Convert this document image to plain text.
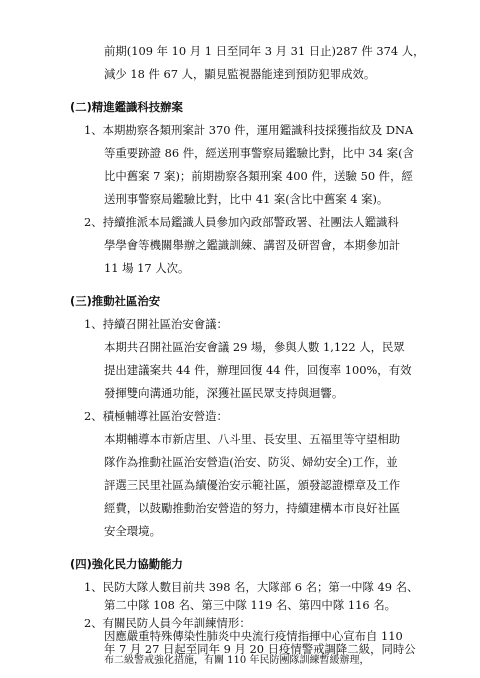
前期(109 年 10 月 1 日至同年 3 月 31 日止)287 件 374 人，
減少 18 件 67 人，顯見監視器能達到預防犯罪成效。
(二)精進鑑識科技辦案
1、本期勘察各類刑案計 370 件，運用鑑識科技採獲指紋及 DNA
等重要跡證 86 件，經送刑事警察局鑑驗比對，比中 34 案(含
比中舊案 7 案)；前期勘察各類刑案 400 件，送驗 50 件，經
送刑事警察局鑑驗比對，比中 41 案(含比中舊案 4 案)。
2、持續推派本局鑑識人員參加內政部警政署、社團法人鑑識科
學學會等機關舉辦之鑑識訓練、講習及研習會，本期參加計
11 場 17 人次。
(三)推動社區治安
1、持續召開社區治安會議：
本期共召開社區治安會議 29 場，參與人數 1,122 人，民眾
提出建議案共 44 件，辦理回復 44 件，回復率 100%，有效
發揮雙向溝通功能，深獲社區民眾支持與迴響。
2、積極輔導社區治安營造：
本期輔導本市新店里、八斗里、長安里、五福里等守望相助
隊作為推動社區治安營造(治安、防災、婦幼安全)工作，並
評選三民里社區為績優治安示範社區，頒發認證標章及工作
經費，以鼓勵推動治安營造的努力，持續建構本市良好社區
安全環境。
(四)強化民力協勤能力
1、民防大隊人數目前共 398 名，大隊部 6 名；第一中隊 49 名、
第二中隊 108 名、第三中隊 119 名、第四中隊 116 名。
2、有關民防人員今年訓練情形：
因應嚴重特殊傳染性肺炎中央流行疫情指揮中心宣布自 110
年 7 月 27 日起至同年 9 月 20 日疫情警戒調降二級，同時公
布二級警戒強化措施，有關 110 年民防團隊訓練暫緩辦理，
